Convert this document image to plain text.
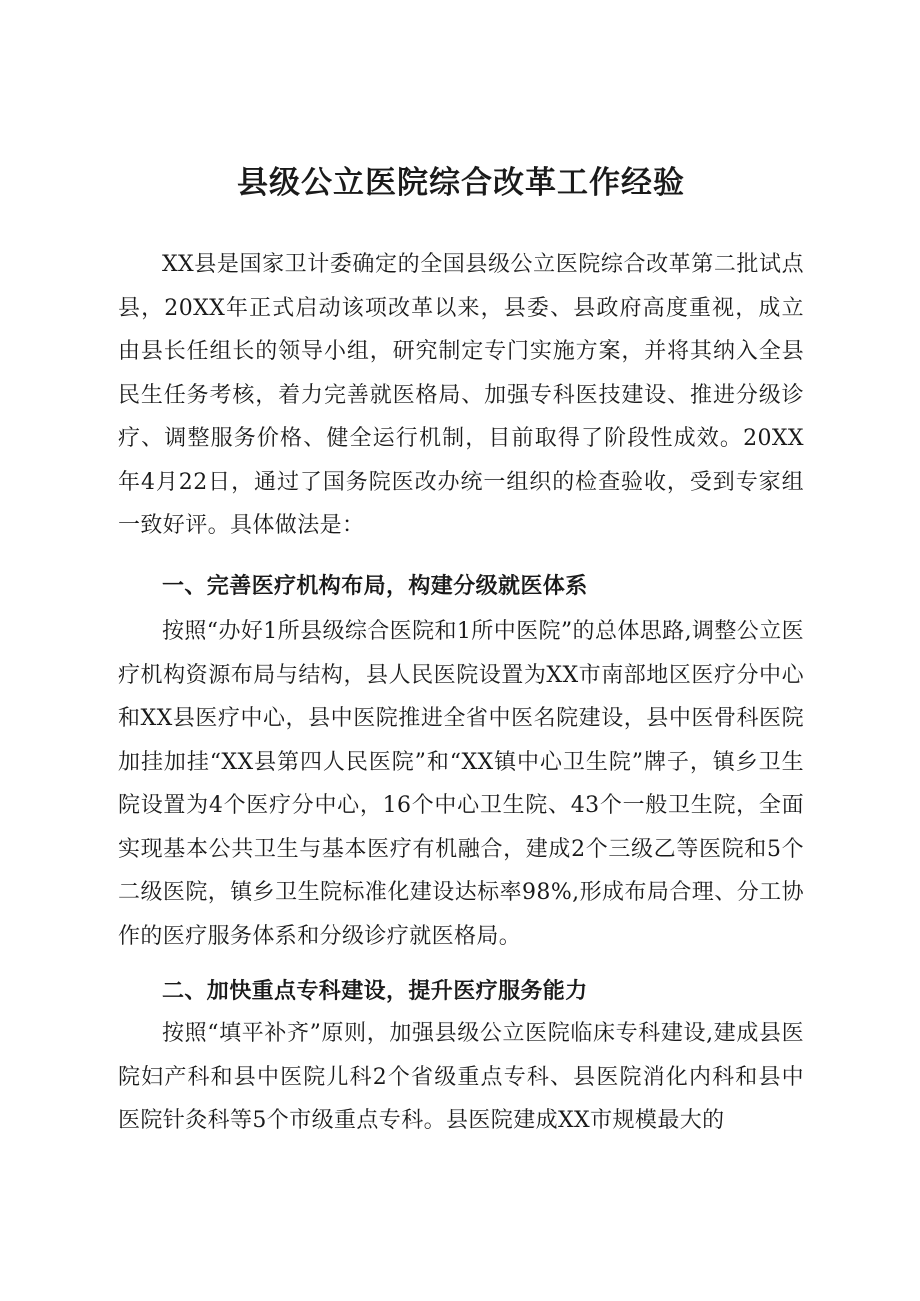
县级公立医院综合改革工作经验

XX县是国家卫计委确定的全国县级公立医院综合改革第二批试点县，20XX年正式启动该项改革以来，县委、县政府高度重视，成立由县长任组长的领导小组，研究制定专门实施方案，并将其纳入全县民生任务考核，着力完善就医格局、加强专科医技建设、推进分级诊疗、调整服务价格、健全运行机制，目前取得了阶段性成效。20XX年4月22日，通过了国务院医改办统一组织的检查验收，受到专家组一致好评。具体做法是：

一、完善医疗机构布局，构建分级就医体系

按照“办好1所县级综合医院和1所中医院”的总体思路,调整公立医疗机构资源布局与结构，县人民医院设置为XX市南部地区医疗分中心和XX县医疗中心，县中医院推进全省中医名院建设，县中医骨科医院加挂加挂“XX县第四人民医院”和“XX镇中心卫生院”牌子，镇乡卫生院设置为4个医疗分中心，16个中心卫生院、43个一般卫生院，全面实现基本公共卫生与基本医疗有机融合，建成2个三级乙等医院和5个二级医院，镇乡卫生院标准化建设达标率98%,形成布局合理、分工协作的医疗服务体系和分级诊疗就医格局。

二、加快重点专科建设，提升医疗服务能力

按照“填平补齐”原则，加强县级公立医院临床专科建设,建成县医院妇产科和县中医院儿科2个省级重点专科、县医院消化内科和县中医院针灸科等5个市级重点专科。县医院建成XX市规模最大的
